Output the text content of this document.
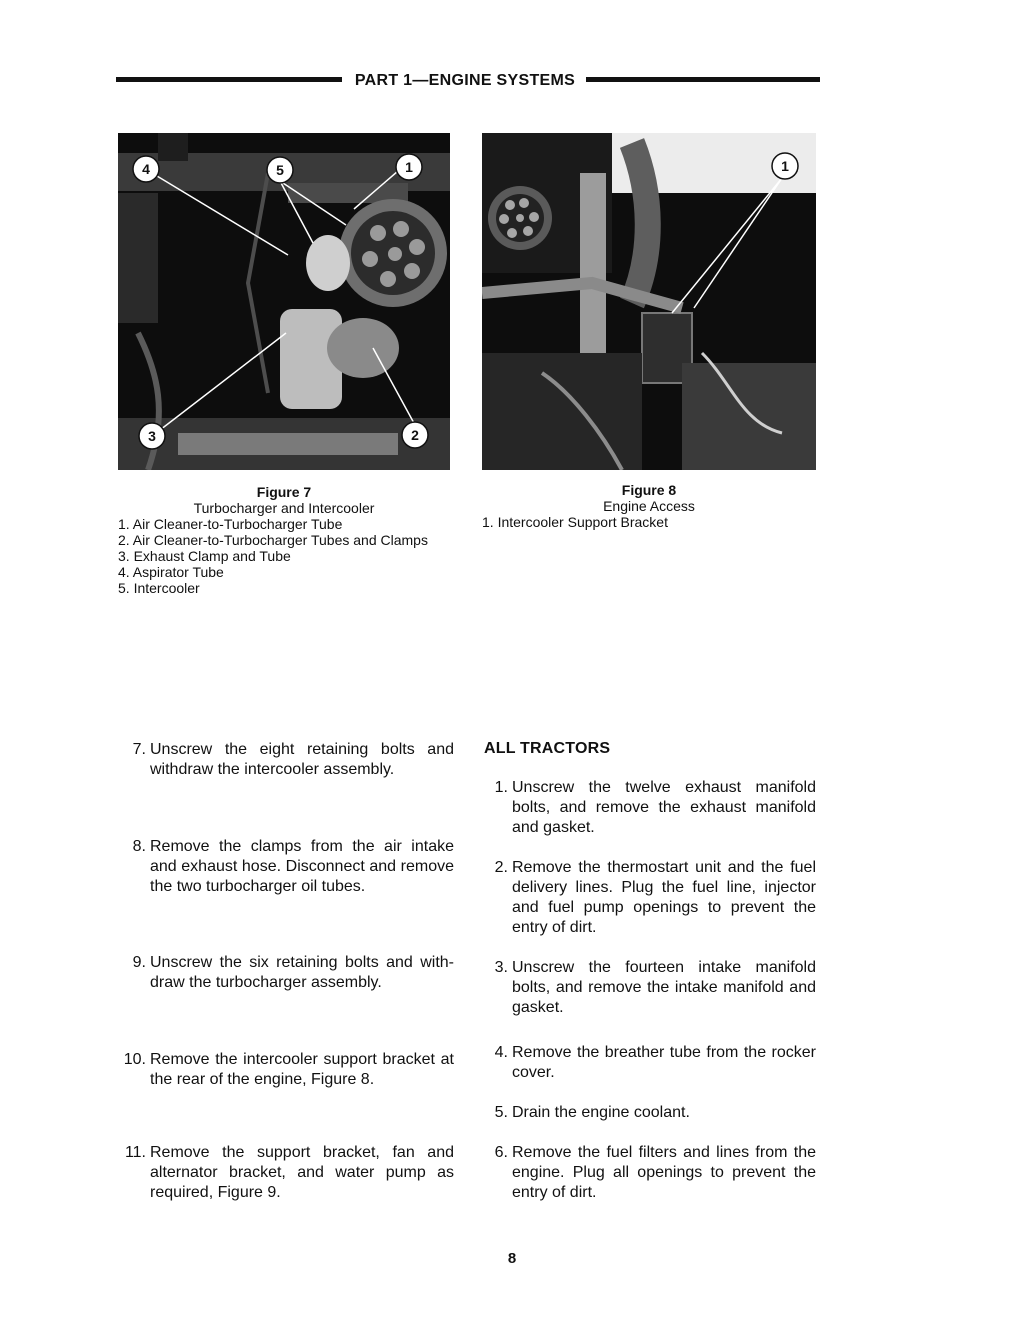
PART 1—ENGINE SYSTEMS
4	5	1
3	2
1
Figure 7
Turbocharger and Intercooler
1. Air Cleaner-to-Turbocharger Tube
2. Air Cleaner-to-Turbocharger Tubes and Clamps
3. Exhaust Clamp and Tube
4. Aspirator Tube
5. Intercooler
Figure 8
Engine Access
1. Intercooler Support Bracket
7. Unscrew the eight retaining bolts and withdraw the intercooler assembly.
8. Remove the clamps from the air intake and exhaust hose. Disconnect and remove the two turbocharger oil tubes.
9. Unscrew the six retaining bolts and with-draw the turbocharger assembly.
10. Remove the intercooler support bracket at the rear of the engine, Figure 8.
11. Remove the support bracket, fan and alternator bracket, and water pump as required, Figure 9.
ALL TRACTORS
1. Unscrew the twelve exhaust manifold bolts, and remove the exhaust manifold and gasket.
2. Remove the thermostart unit and the fuel delivery lines. Plug the fuel line, injector and fuel pump openings to prevent the entry of dirt.
3. Unscrew the fourteen intake manifold bolts, and remove the intake manifold and gasket.
4. Remove the breather tube from the rocker cover.
5. Drain the engine coolant.
6. Remove the fuel filters and lines from the engine. Plug all openings to prevent the entry of dirt.
8
